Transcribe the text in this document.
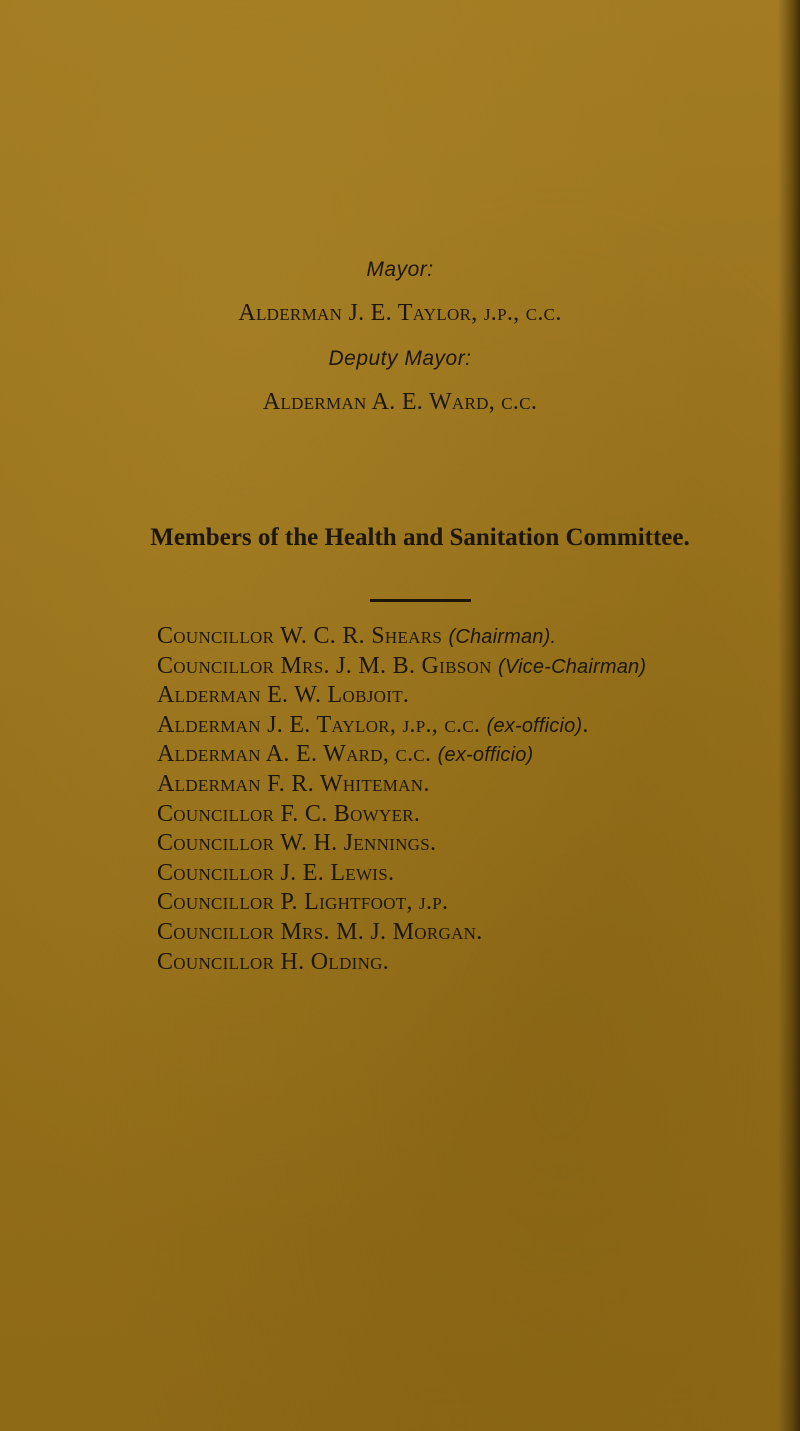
Mayor:
Alderman J. E. Taylor, j.p., c.c.
Deputy Mayor:
Alderman A. E. Ward, c.c.
Members of the Health and Sanitation Committee.
Councillor W. C. R. Shears (Chairman).
Councillor Mrs. J. M. B. Gibson (Vice-Chairman)
Alderman E. W. Lobjoit.
Alderman J. E. Taylor, j.p., c.c. (ex-officio).
Alderman A. E. Ward, c.c. (ex-officio)
Alderman F. R. Whiteman.
Councillor F. C. Bowyer.
Councillor W. H. Jennings.
Councillor J. E. Lewis.
Councillor P. Lightfoot, j.p.
Councillor Mrs. M. J. Morgan.
Councillor H. Olding.
